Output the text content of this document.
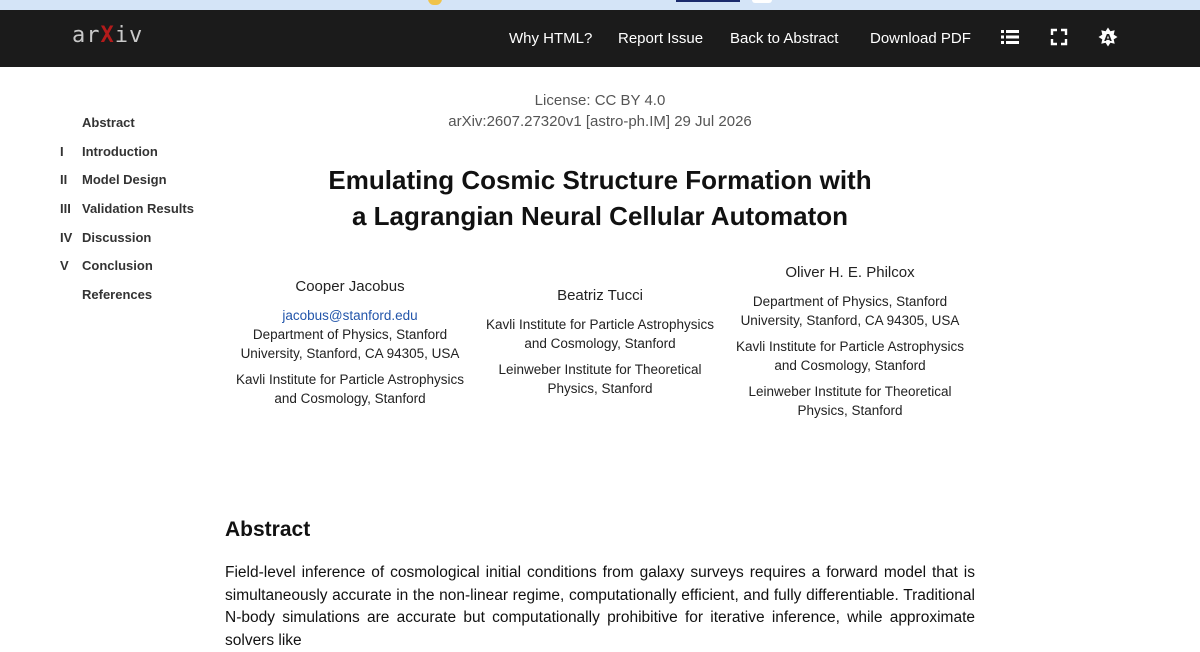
arXiv	Why HTML? Report Issue Back to Abstract Download PDF	A
Abstract
I Introduction
II Model Design
III Validation Results
IV Discussion
V Conclusion
References
License: CC BY 4.0
arXiv:2607.27320v1 [astro-ph.IM] 29 Jul 2026
Emulating Cosmic Structure Formation with
a Lagrangian Neural Cellular Automaton
Cooper Jacobus
jacobus@stanford.edu
Department of Physics, Stanford University, Stanford, CA 94305, USA
Kavli Institute for Particle Astrophysics and Cosmology, Stanford
Beatriz Tucci
Kavli Institute for Particle Astrophysics and Cosmology, Stanford
Leinweber Institute for Theoretical Physics, Stanford
Oliver H. E. Philcox
Department of Physics, Stanford University, Stanford, CA 94305, USA
Kavli Institute for Particle Astrophysics and Cosmology, Stanford
Leinweber Institute for Theoretical Physics, Stanford
Abstract

Field-level inference of cosmological initial conditions from galaxy surveys requires a forward model that is simultaneously accurate in the non-linear regime, computationally efficient, and fully differentiable. Traditional N-body simulations are accurate but computationally prohibitive for iterative inference, while approximate solvers like
